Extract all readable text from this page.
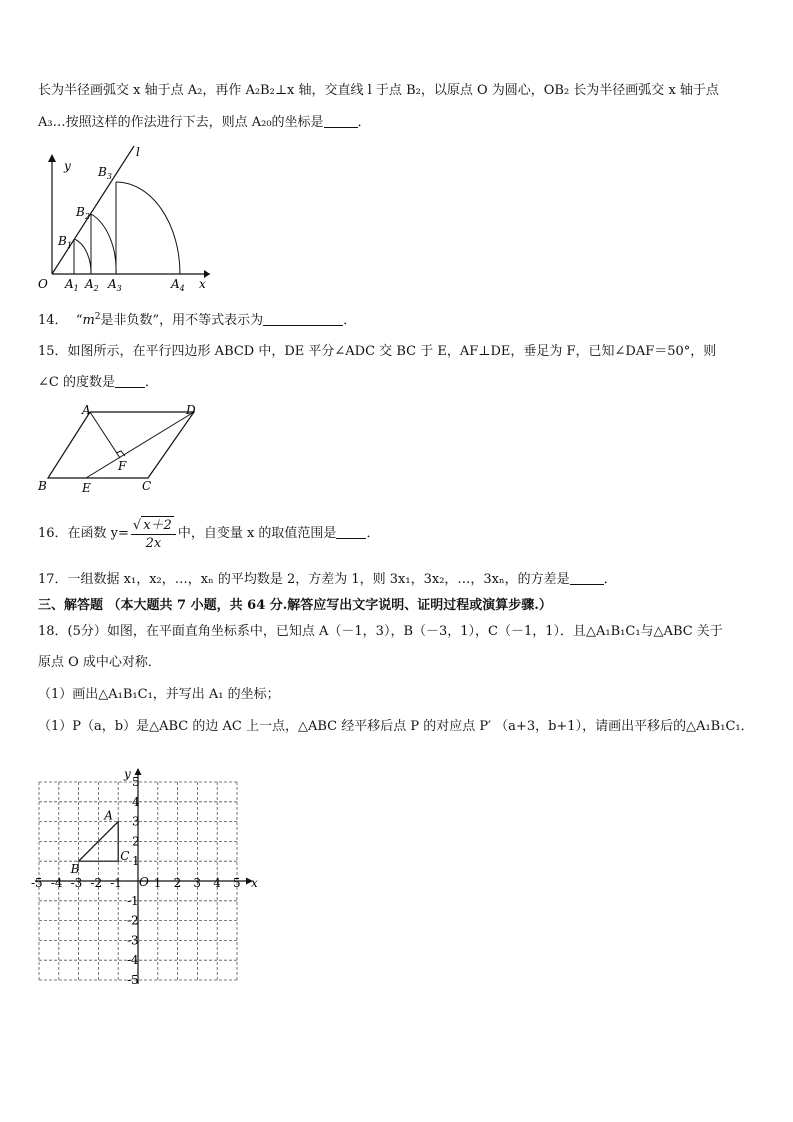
长为半径画弧交 x 轴于点 A₂，再作 A₂B₂⊥x 轴，交直线 l 于点 B₂，以原点 O 为圆心，OB₂ 长为半径画弧交 x 轴于点
A₃…按照这样的作法进行下去，则点 A₂₀的坐标是	．
y
x
l
O
$B_1$
$B_2$
$B_3$
$A_1$ $A_2$ $A_3$	$A_4$
14． “$m^2$是非负数”，用不等式表示为	．
15．如图所示，在平行四边形 ABCD 中，DE 平分∠ADC 交 BC 于 E，AF⊥DE，垂足为 F，已知∠DAF＝50°，则
∠C 的度数是 ．
A	D
B	E	C
F
16．在函数 $y= \frac{√ x+2}{2x}$ 中，自变量 x 的取值范围是 ．
17．一组数据 x₁，x₂，…，xₙ 的平均数是 2，方差为 1，则 3x₁，3x₂，…，3xₙ，的方差是	．
三、解答题 （本大题共 7 小题，共 64 分.解答应写出文字说明、证明过程或演算步骤.）
18．(5分）如图，在平面直角坐标系中，已知点 A（－1，3），B（－3，1），C（－1，1）．且△A₁B₁C₁与△ABC 关于
原点 O 成中心对称．
（1）画出△A₁B₁C₁，并写出 A₁ 的坐标；
（1）P（a，b）是△ABC 的边 AC 上一点，△ABC 经平移后点 P 的对应点 P′ （a+3，b+1），请画出平移后的△A₁B₁C₁．
x
y
O
-5 -4 -3 -2 -1	1 2 3 4 5
5
4
3
2
1
-1
-2
-3
-4
-5
A
B
C
